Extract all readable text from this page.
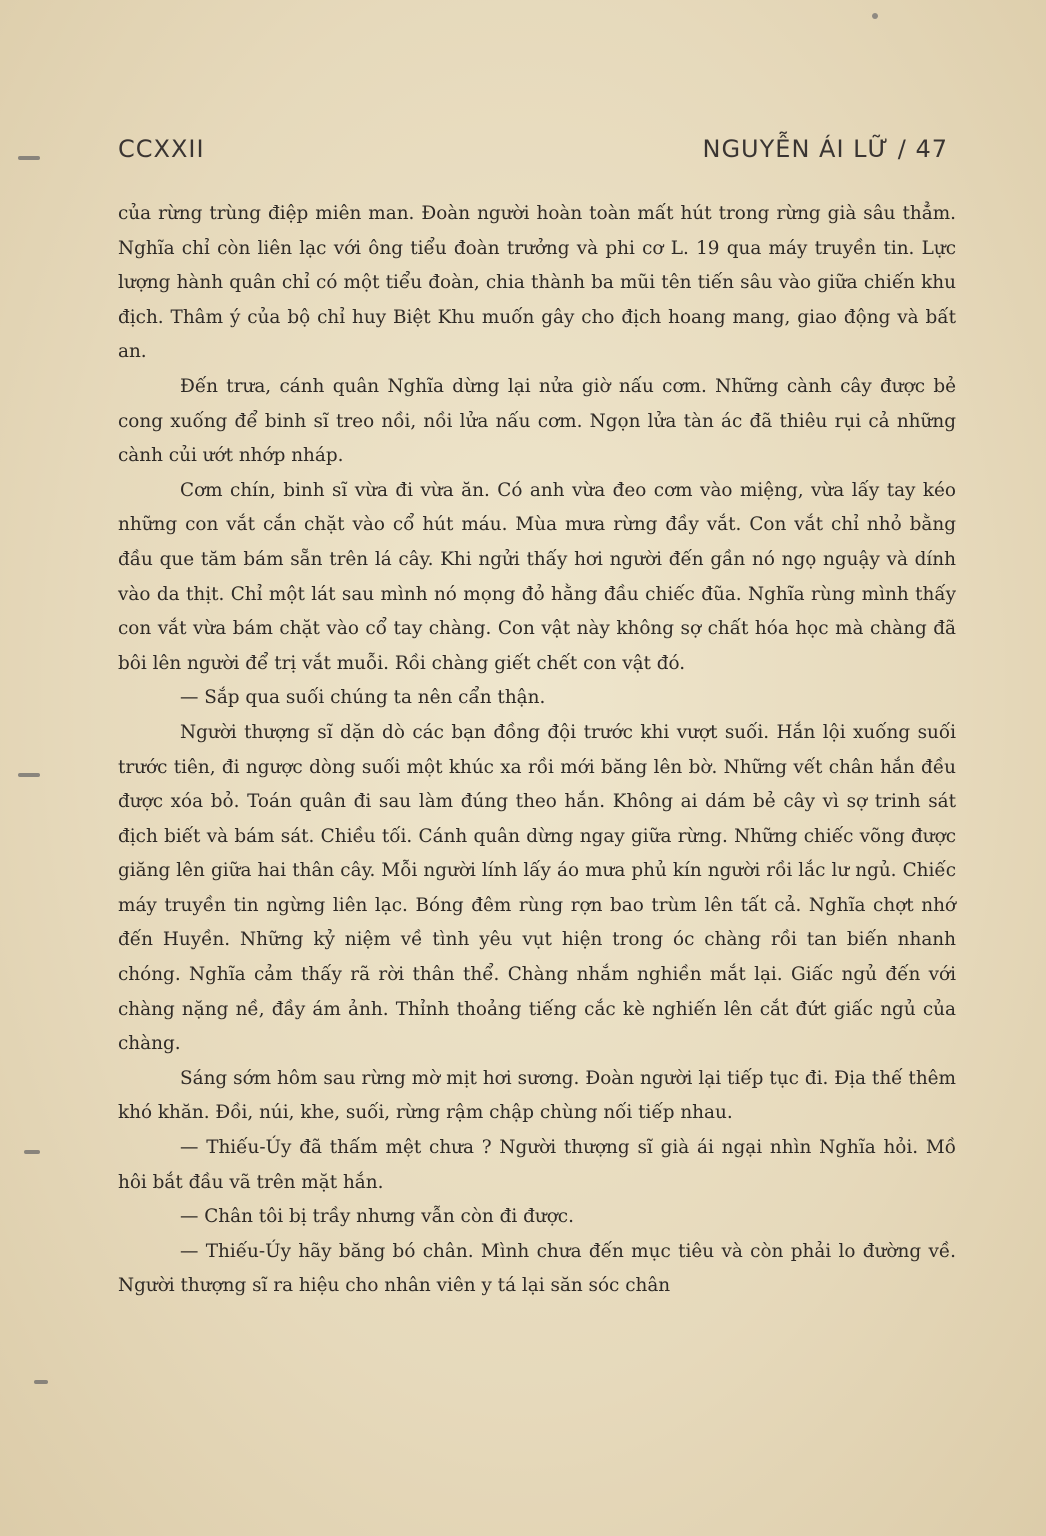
CCXXII	NGUYỄN ÁI LỮ / 47

của rừng trùng điệp miên man. Đoàn người hoàn toàn mất hút trong rừng già sâu thẳm. Nghĩa chỉ còn liên lạc với ông tiểu đoàn trưởng và phi cơ L. 19 qua máy truyền tin. Lực lượng hành quân chỉ có một tiểu đoàn, chia thành ba mũi tên tiến sâu vào giữa chiến khu địch. Thâm ý của bộ chỉ huy Biệt Khu muốn gây cho địch hoang mang, giao động và bất an.

Đến trưa, cánh quân Nghĩa dừng lại nửa giờ nấu cơm. Những cành cây được bẻ cong xuống để binh sĩ treo nồi, nồi lửa nấu cơm. Ngọn lửa tàn ác đã thiêu rụi cả những cành củi ướt nhớp nháp.

Cơm chín, binh sĩ vừa đi vừa ăn. Có anh vừa đeo cơm vào miệng, vừa lấy tay kéo những con vắt cắn chặt vào cổ hút máu. Mùa mưa rừng đầy vắt. Con vắt chỉ nhỏ bằng đầu que tăm bám sẵn trên lá cây. Khi ngửi thấy hơi người đến gần nó ngọ nguậy và dính vào da thịt. Chỉ một lát sau mình nó mọng đỏ hằng đầu chiếc đũa. Nghĩa rùng mình thấy con vắt vừa bám chặt vào cổ tay chàng. Con vật này không sợ chất hóa học mà chàng đã bôi lên người để trị vắt muỗi. Rồi chàng giết chết con vật đó.

— Sắp qua suối chúng ta nên cẩn thận.

Người thượng sĩ dặn dò các bạn đồng đội trước khi vượt suối. Hắn lội xuống suối trước tiên, đi ngược dòng suối một khúc xa rồi mới băng lên bờ. Những vết chân hắn đều được xóa bỏ. Toán quân đi sau làm đúng theo hắn. Không ai dám bẻ cây vì sợ trinh sát địch biết và bám sát. Chiều tối. Cánh quân dừng ngay giữa rừng. Những chiếc võng được giăng lên giữa hai thân cây. Mỗi người lính lấy áo mưa phủ kín người rồi lắc lư ngủ. Chiếc máy truyền tin ngừng liên lạc. Bóng đêm rùng rợn bao trùm lên tất cả. Nghĩa chợt nhớ đến Huyền. Những kỷ niệm về tình yêu vụt hiện trong óc chàng rồi tan biến nhanh chóng. Nghĩa cảm thấy rã rời thân thể. Chàng nhắm nghiền mắt lại. Giấc ngủ đến với chàng nặng nề, đầy ám ảnh. Thỉnh thoảng tiếng cắc kè nghiến lên cắt đứt giấc ngủ của chàng.

Sáng sớm hôm sau rừng mờ mịt hơi sương. Đoàn người lại tiếp tục đi. Địa thế thêm khó khăn. Đồi, núi, khe, suối, rừng rậm chập chùng nối tiếp nhau.

— Thiếu-Úy đã thấm mệt chưa ? Người thượng sĩ già ái ngại nhìn Nghĩa hỏi. Mồ hôi bắt đầu vã trên mặt hắn.

— Chân tôi bị trầy nhưng vẫn còn đi được.

— Thiếu-Úy hãy băng bó chân. Mình chưa đến mục tiêu và còn phải lo đường về. Người thượng sĩ ra hiệu cho nhân viên y tá lại săn sóc chân
